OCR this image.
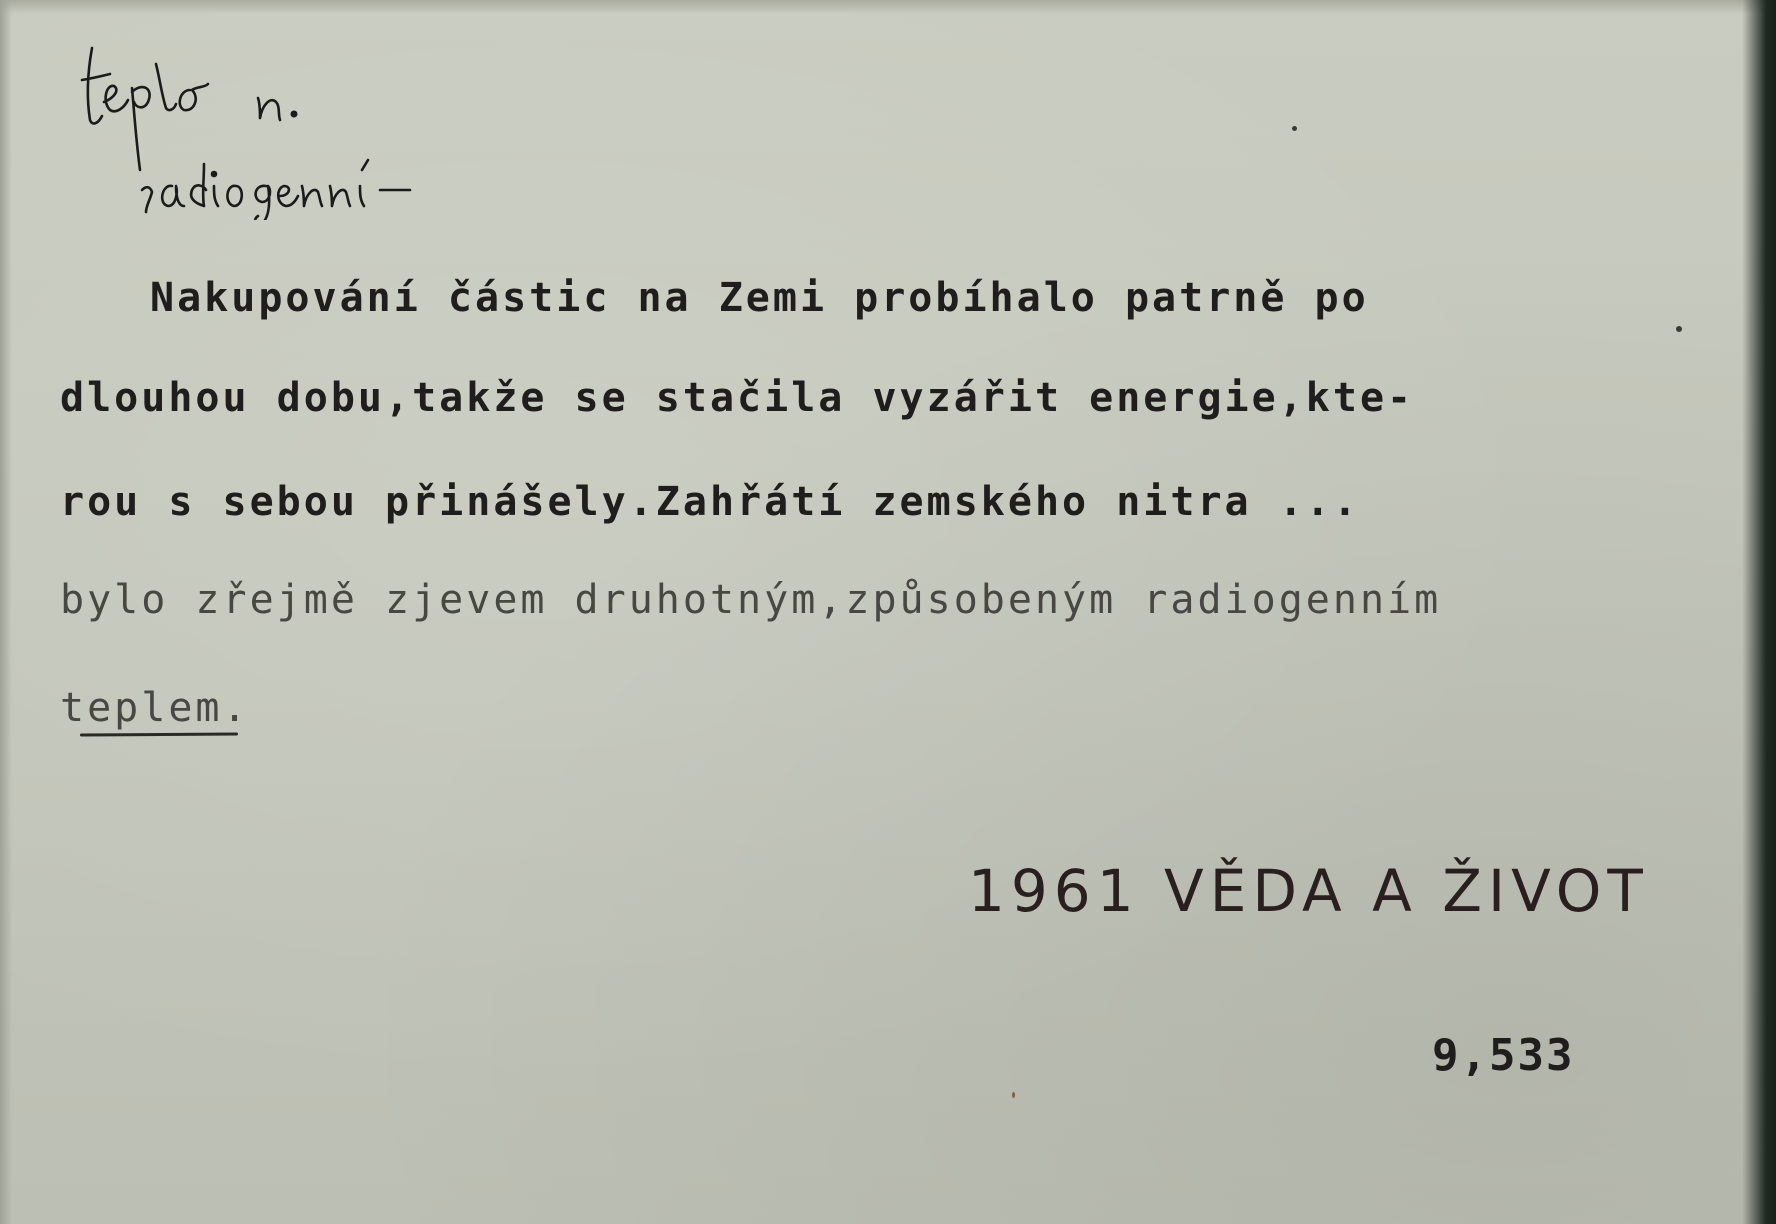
Nakupování částic na Zemi probíhalo patrně po
dlouhou dobu,takže se stačila vyzářit energie,kte-
rou s sebou přinášely.Zahřátí zemského nitra ...
bylo zřejmě zjevem druhotným,způsobeným radiogenním
teplem.
1961 VĚDA A ŽIVOT
9,533
